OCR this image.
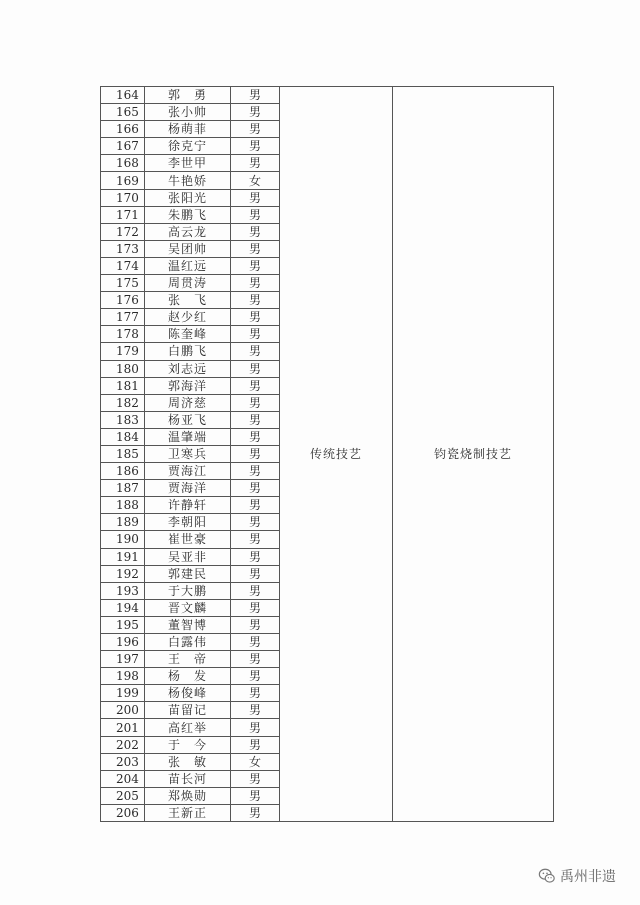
164	郭　勇	男	传统技艺	钧瓷烧制技艺
165	张小帅	男		
166	杨萌菲	男		
167	徐克宁	男		
168	李世甲	男		
169	牛艳娇	女		
170	张阳光	男		
171	朱鹏飞	男		
172	高云龙	男		
173	吴团帅	男		
174	温红远	男		
175	周贯涛	男		
176	张　飞	男		
177	赵少红	男		
178	陈奎峰	男		
179	白鹏飞	男		
180	刘志远	男		
181	郭海洋	男		
182	周济慈	男		
183	杨亚飞	男		
184	温肇端	男		
185	卫寒兵	男		
186	贾海江	男		
187	贾海洋	男		
188	许静轩	男		
189	李朝阳	男		
190	崔世豪	男		
191	吴亚非	男		
192	郭建民	男		
193	于大鹏	男		
194	晋文麟	男		
195	董智博	男		
196	白露伟	男		
197	王　帝	男		
198	杨　发	男		
199	杨俊峰	男		
200	苗留记	男		
201	高红举	男		
202	于　今	男		
203	张　敏	女		
204	苗长河	男		
205	郑焕勋	男		
206	王新正	男		
禹州非遗
